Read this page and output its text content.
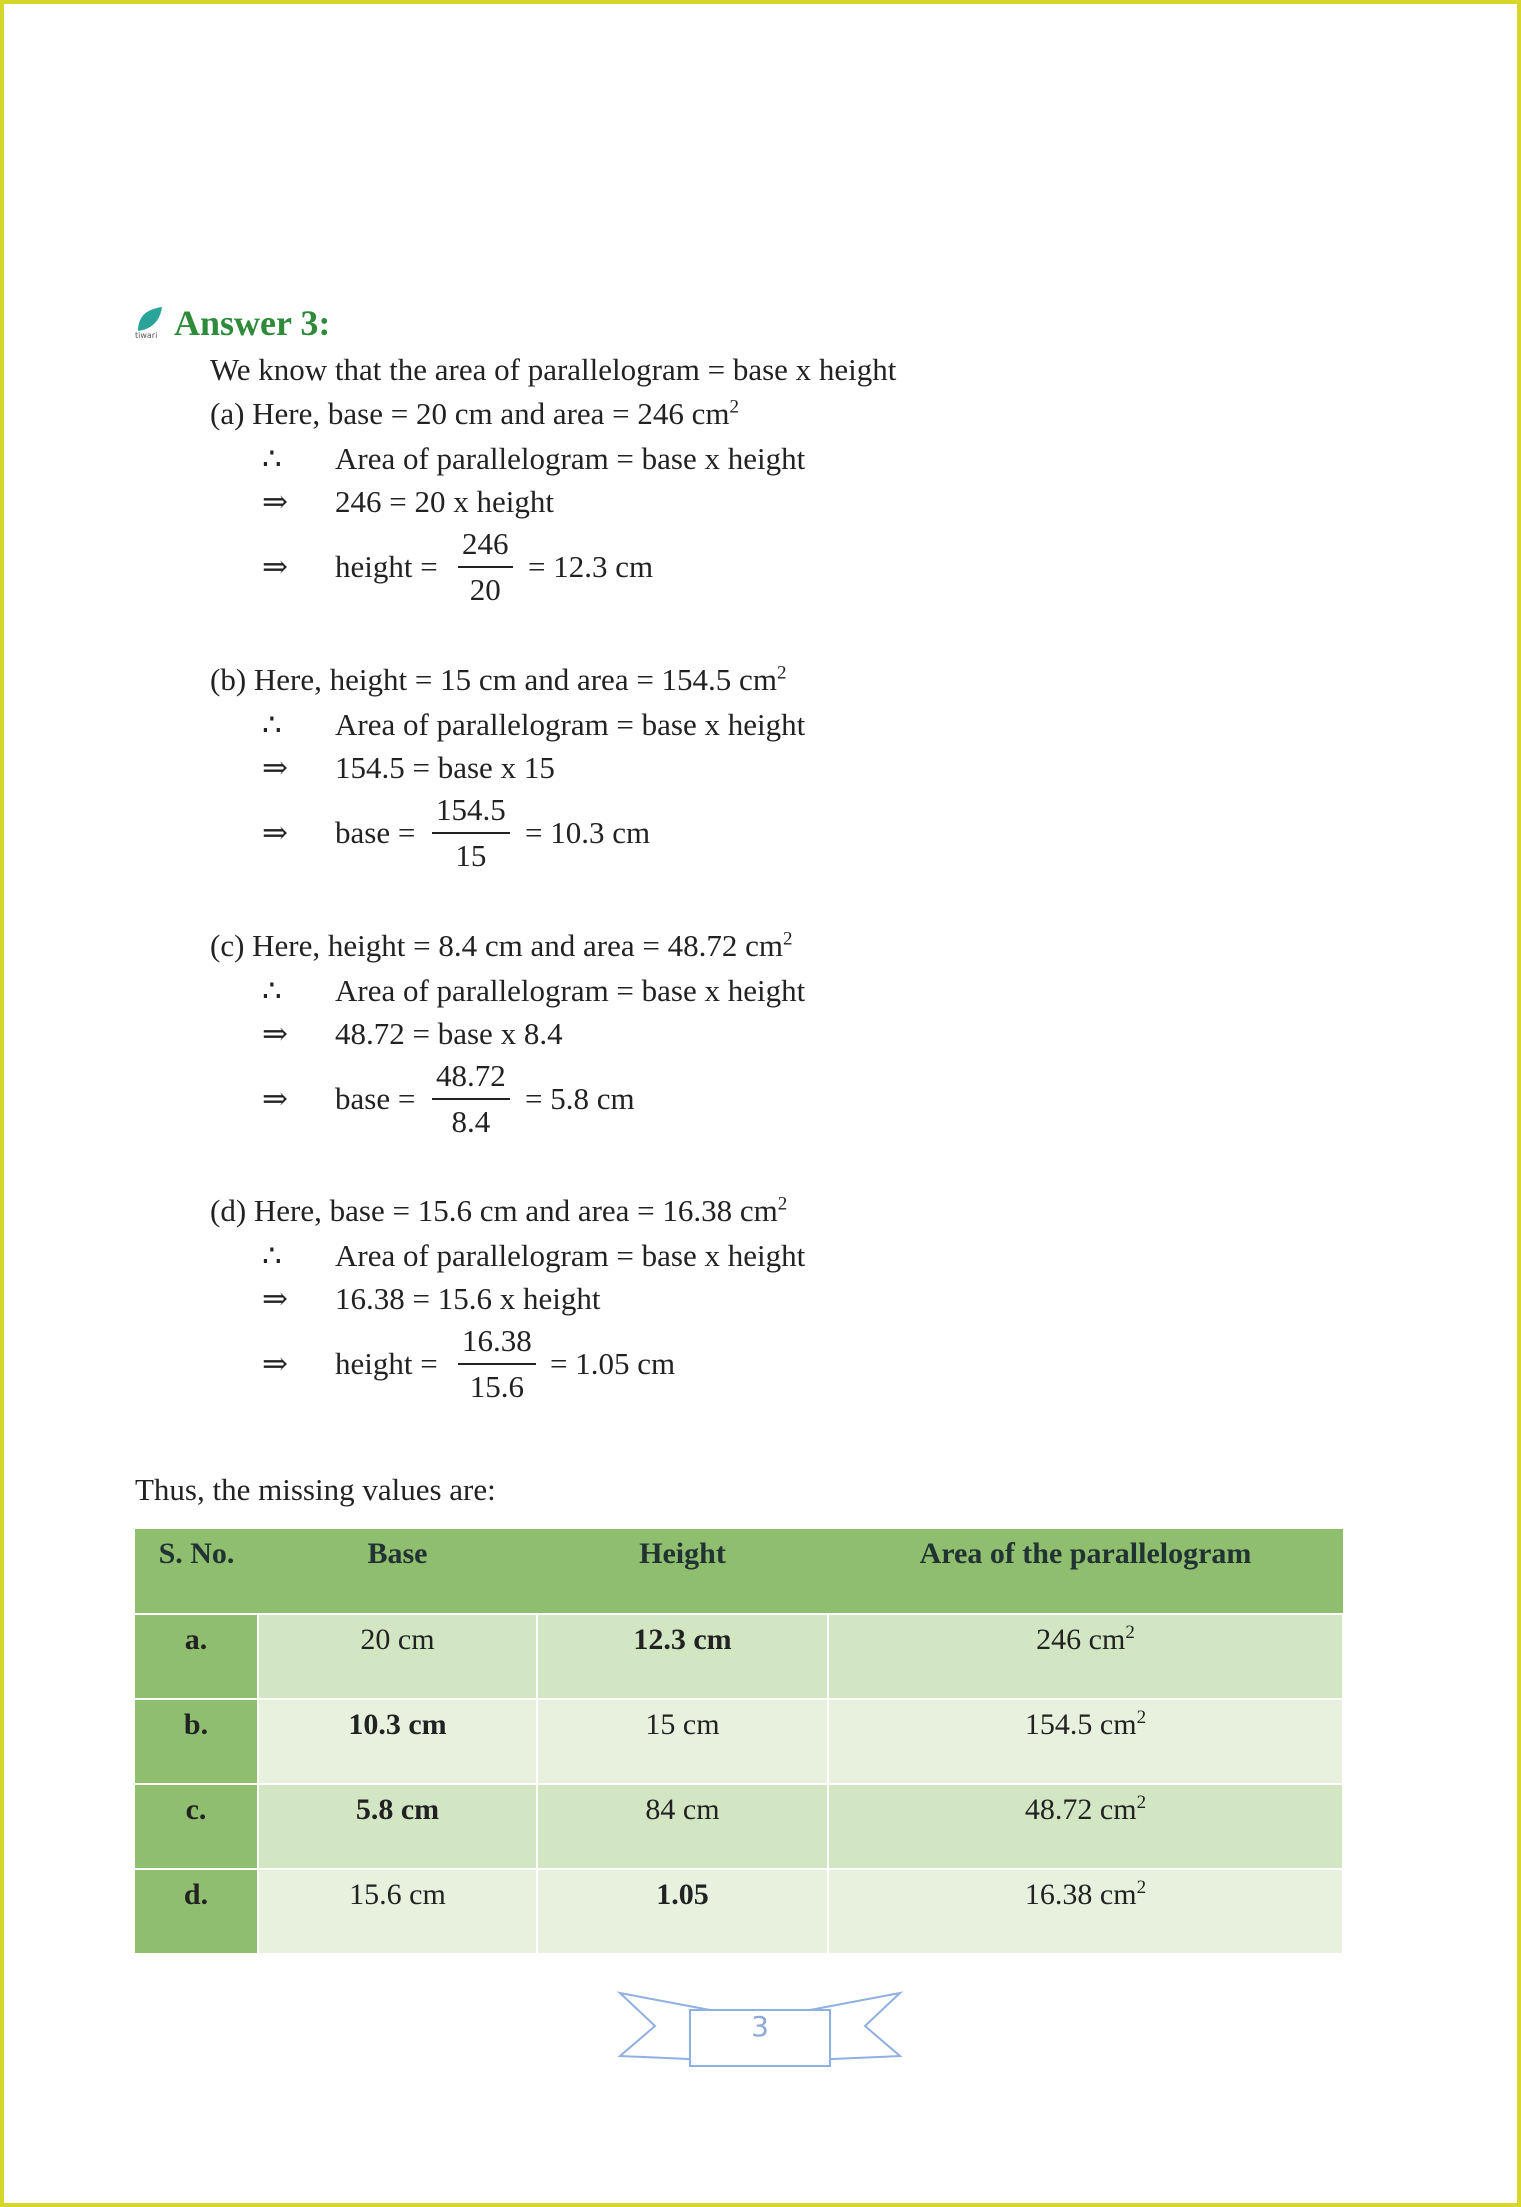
tiwari Answer 3:
We know that the area of parallelogram = base x height
(a) Here, base = 20 cm and area = 246 $cm^2$
∴ Area of parallelogram = base x height
⇒ 246 = 20 x height
⇒ height = $\frac{246}{20} = 12.3$ cm
(b) Here, height = 15 cm and area = 154.5 $cm^2$
∴ Area of parallelogram = base x height
⇒ 154.5 = base x 15
⇒ base = $\frac{154.5}{15} = 10.3$ cm
(c) Here, height = 8.4 cm and area = 48.72 $cm^2$
∴ Area of parallelogram = base x height
⇒ 48.72 = base x 8.4
⇒ base = $\frac{48.72}{8.4} = 5.8$ cm
(d) Here, base = 15.6 cm and area = 16.38 $cm^2$
∴ Area of parallelogram = base x height
⇒ 16.38 = 15.6 x height
⇒ height = $\frac{16.38}{15.6} = 1.05$ cm
Thus, the missing values are:
S. No.	Base	Height	Area of the parallelogram
a.	20 cm	12.3 cm	246 $cm^2$
b.	10.3 cm	15 cm	154.5 $cm^2$
c.	5.8 cm	84 cm	48.72 $cm^2$
d.	15.6 cm	1.05	16.38 $cm^2$
3
